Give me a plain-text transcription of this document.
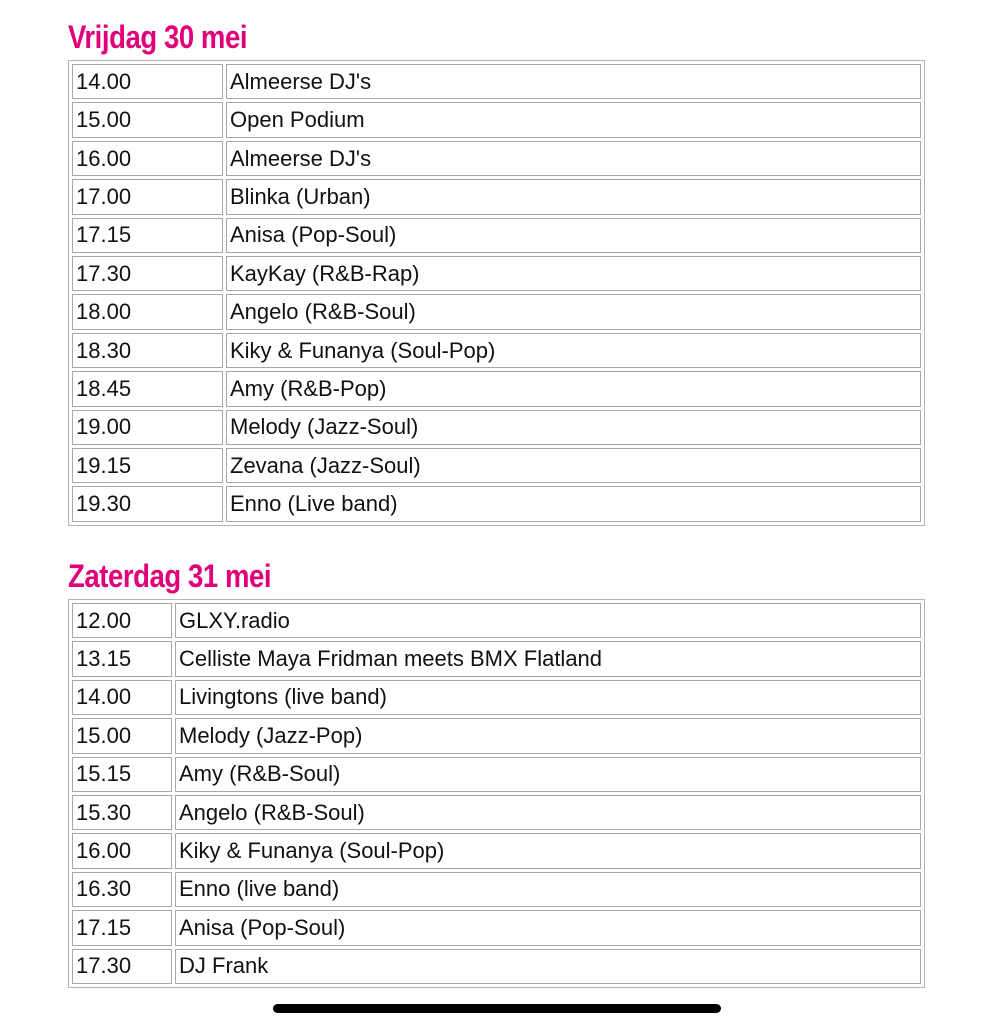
Vrijdag 30 mei
14.00	Almeerse DJ's
15.00	Open Podium
16.00	Almeerse DJ's
17.00	Blinka (Urban)
17.15	Anisa (Pop-Soul)
17.30	KayKay (R&B-Rap)
18.00	Angelo (R&B-Soul)
18.30	Kiky & Funanya (Soul-Pop)
18.45	Amy (R&B-Pop)
19.00	Melody (Jazz-Soul)
19.15	Zevana (Jazz-Soul)
19.30	Enno (Live band)
Zaterdag 31 mei
12.00	GLXY.radio
13.15	Celliste Maya Fridman meets BMX Flatland
14.00	Livingtons (live band)
15.00	Melody (Jazz-Pop)
15.15	Amy (R&B-Soul)
15.30	Angelo (R&B-Soul)
16.00	Kiky & Funanya (Soul-Pop)
16.30	Enno (live band)
17.15	Anisa (Pop-Soul)
17.30	DJ Frank
